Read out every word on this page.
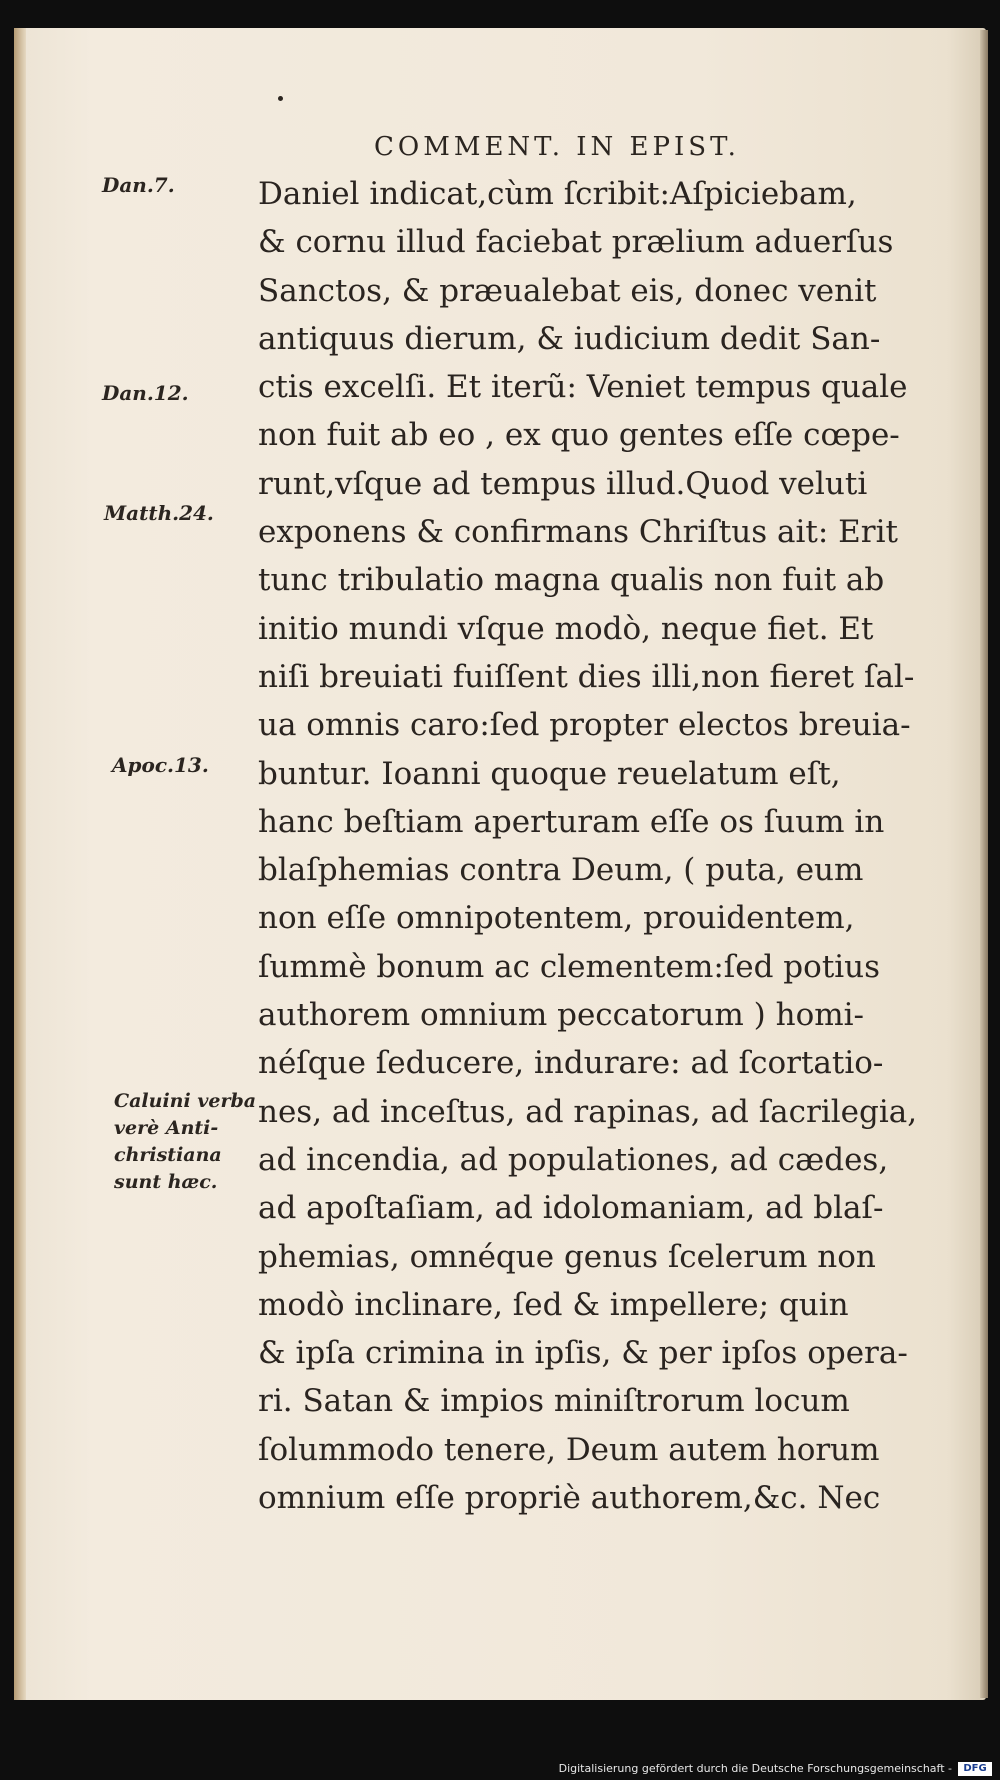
COMMENT. IN EPIST.
Dan.7.
Dan.12.
Matth.24.
Apoc.13.
Caluini verba
verè Anti-
christiana
sunt hæc.
Daniel indicat,cùm ſcribit:Aſpiciebam,
& cornu illud faciebat prælium aduerſus
Sanctos, & præualebat eis, donec venit
antiquus dierum, & iudicium dedit San-
ctis excelſi. Et iterũ: Veniet tempus quale
non fuit ab eo , ex quo gentes eſſe cœpe-
runt,vſque ad tempus illud.Quod veluti
exponens & confirmans Chriſtus ait: Erit
tunc tribulatio magna qualis non fuit ab
initio mundi vſque modò, neque fiet. Et
niſi breuiati fuiſſent dies illi,non fieret ſal-
ua omnis caro:ſed propter electos breuia-
buntur. Ioanni quoque reuelatum eſt,
hanc beſtiam aperturam eſſe os ſuum in
blaſphemias contra Deum, ( puta, eum
non eſſe omnipotentem, prouidentem,
ſummè bonum ac clementem:ſed potius
authorem omnium peccatorum ) homi-
néſque ſeducere, indurare: ad ſcortatio-
nes, ad inceſtus, ad rapinas, ad ſacrilegia,
ad incendia, ad populationes, ad cædes,
ad apoſtaſiam, ad idolomaniam, ad blaſ-
phemias, omnéque genus ſcelerum non
modò inclinare, ſed & impellere; quin
& ipſa crimina in ipſis, & per ipſos opera-
ri. Satan & impios miniſtrorum locum
ſolummodo tenere, Deum autem horum
omnium eſſe propriè authorem,&c. Nec
Digitalisierung gefördert durch die Deutsche Forschungsgemeinschaft -	DFG
